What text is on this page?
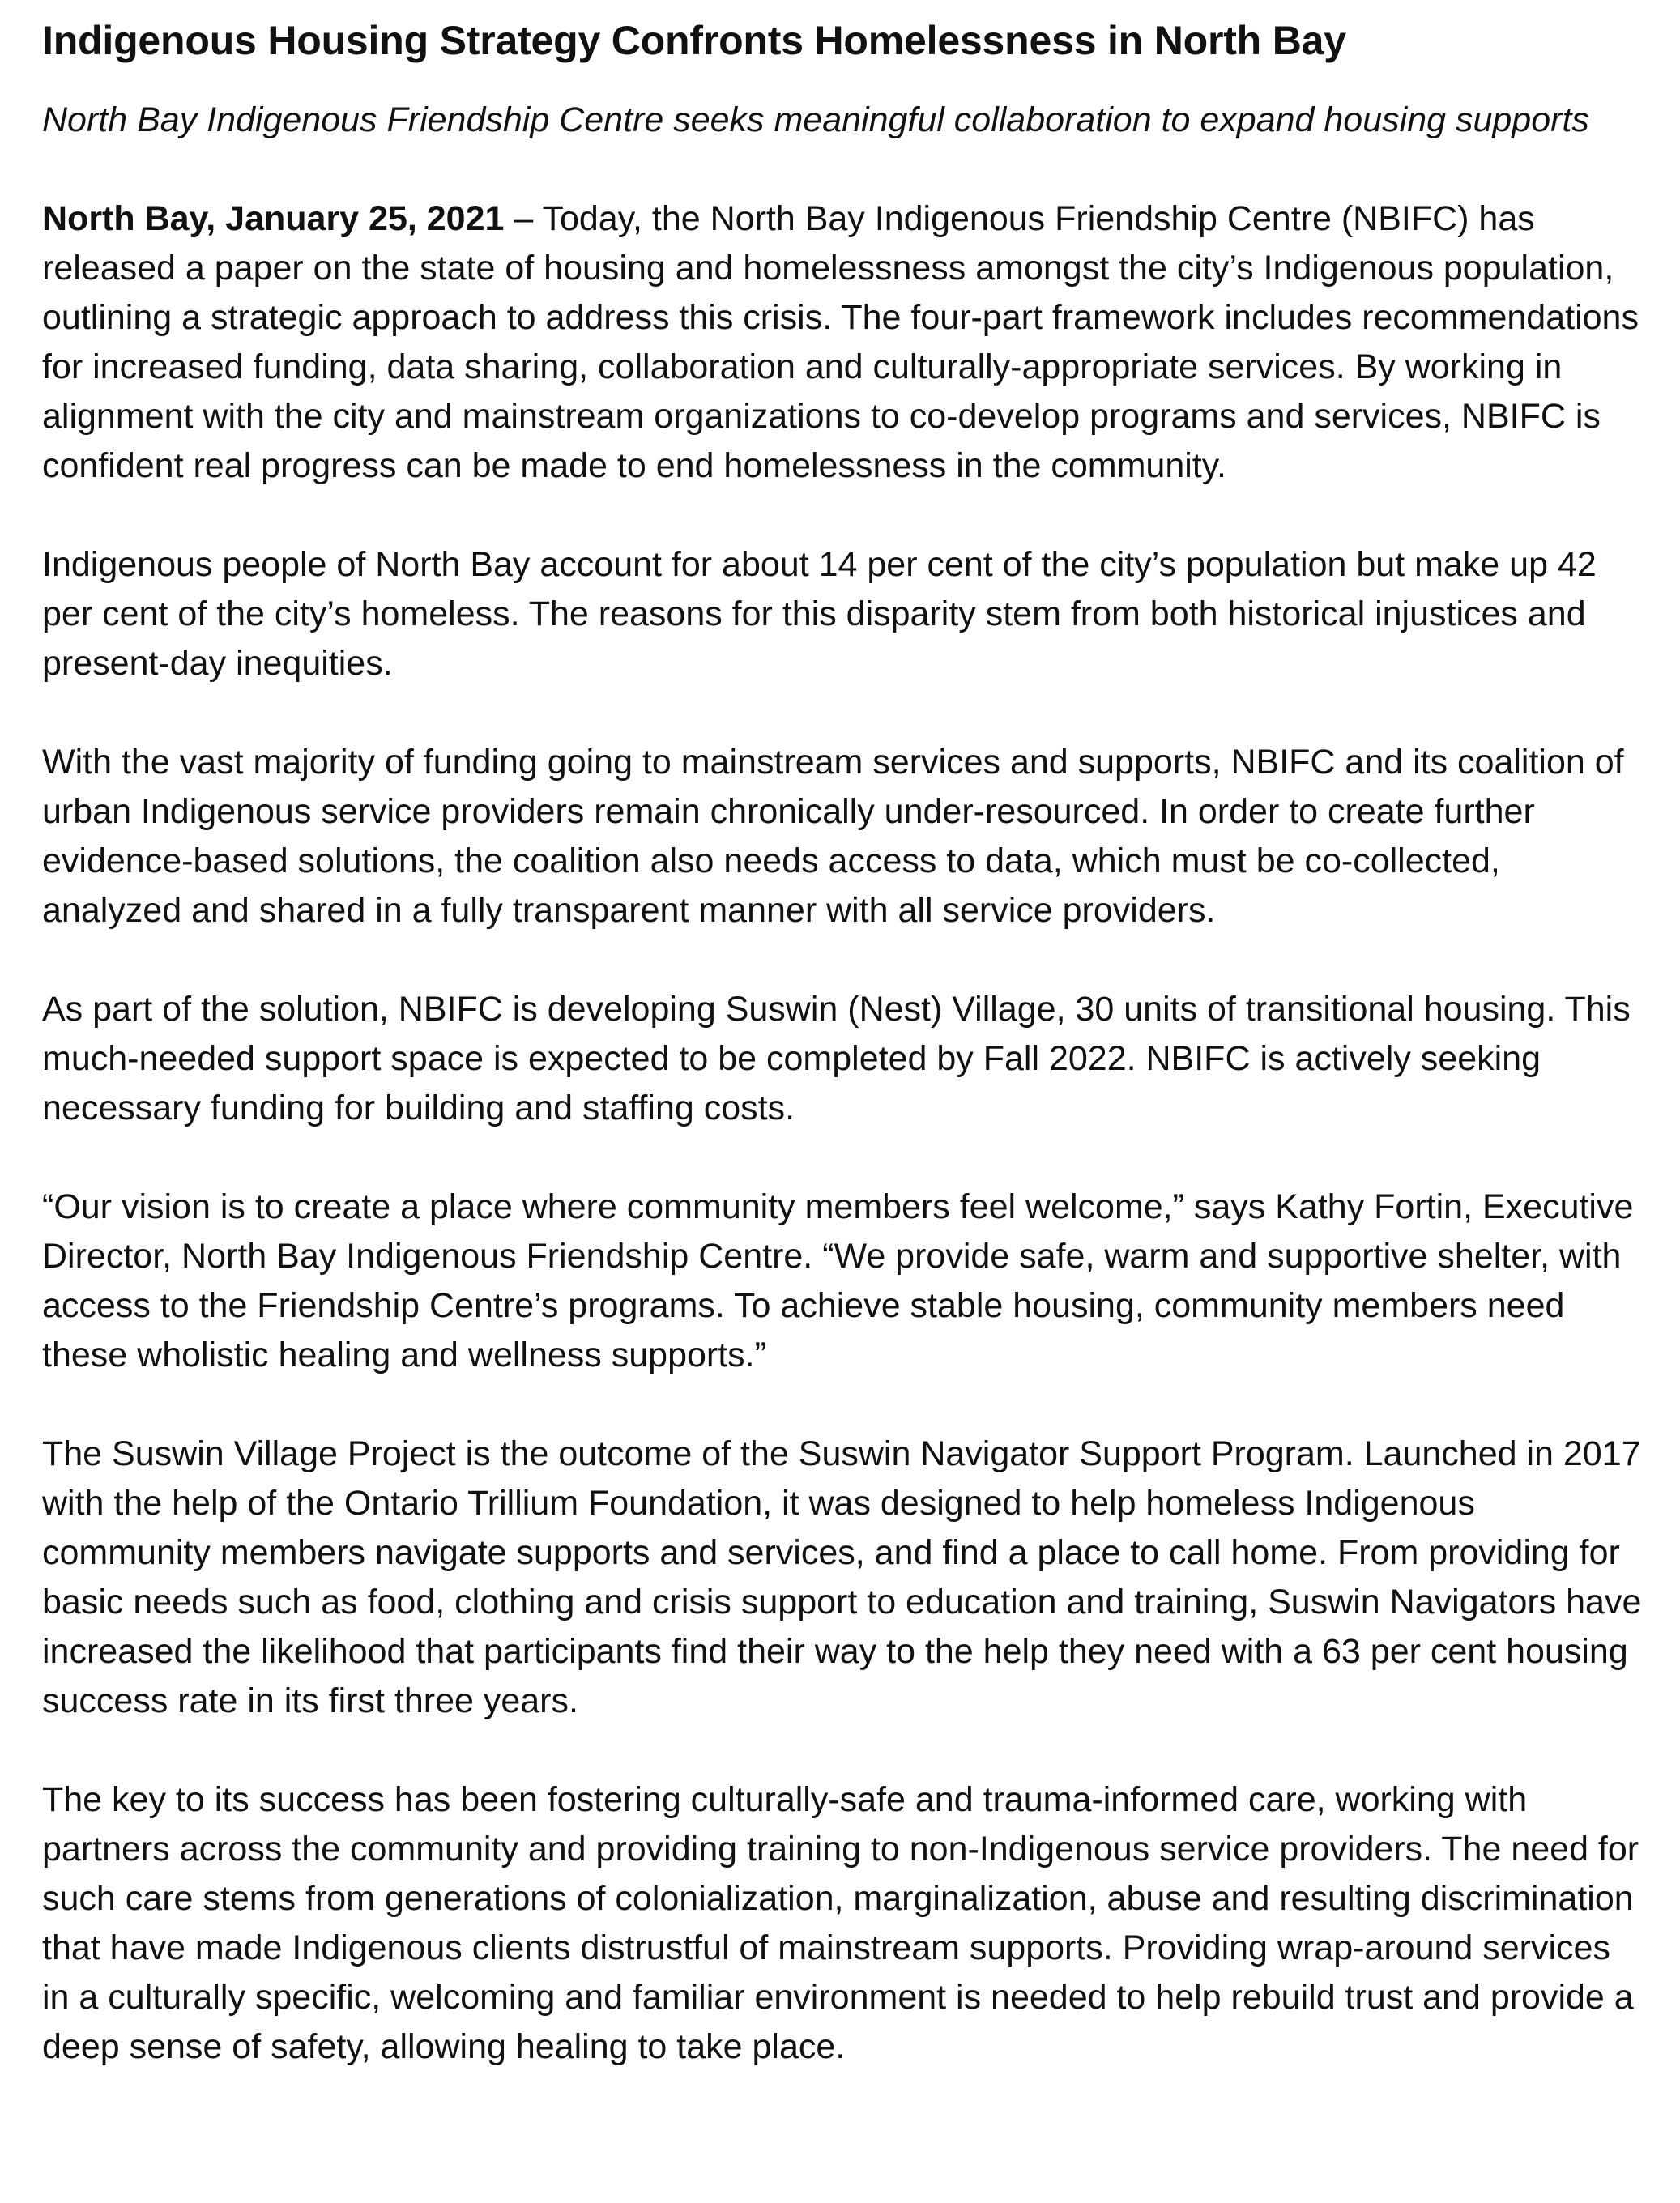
Indigenous Housing Strategy Confronts Homelessness in North Bay

North Bay Indigenous Friendship Centre seeks meaningful collaboration to expand housing supports

North Bay, January 25, 2021 – Today, the North Bay Indigenous Friendship Centre (NBIFC) has released a paper on the state of housing and homelessness amongst the city’s Indigenous population, outlining a strategic approach to address this crisis. The four-part framework includes recommendations for increased funding, data sharing, collaboration and culturally-appropriate services. By working in alignment with the city and mainstream organizations to co-develop programs and services, NBIFC is confident real progress can be made to end homelessness in the community.

Indigenous people of North Bay account for about 14 per cent of the city’s population but make up 42 per cent of the city’s homeless. The reasons for this disparity stem from both historical injustices and present-day inequities.

With the vast majority of funding going to mainstream services and supports, NBIFC and its coalition of urban Indigenous service providers remain chronically under-resourced. In order to create further evidence-based solutions, the coalition also needs access to data, which must be co-collected, analyzed and shared in a fully transparent manner with all service providers.

As part of the solution, NBIFC is developing Suswin (Nest) Village, 30 units of transitional housing. This much-needed support space is expected to be completed by Fall 2022. NBIFC is actively seeking necessary funding for building and staffing costs.

“Our vision is to create a place where community members feel welcome,” says Kathy Fortin, Executive Director, North Bay Indigenous Friendship Centre. “We provide safe, warm and supportive shelter, with access to the Friendship Centre’s programs. To achieve stable housing, community members need these wholistic healing and wellness supports.”

The Suswin Village Project is the outcome of the Suswin Navigator Support Program. Launched in 2017 with the help of the Ontario Trillium Foundation, it was designed to help homeless Indigenous community members navigate supports and services, and find a place to call home. From providing for basic needs such as food, clothing and crisis support to education and training, Suswin Navigators have increased the likelihood that participants find their way to the help they need with a 63 per cent housing success rate in its first three years.

The key to its success has been fostering culturally-safe and trauma-informed care, working with partners across the community and providing training to non-Indigenous service providers. The need for such care stems from generations of colonialization, marginalization, abuse and resulting discrimination that have made Indigenous clients distrustful of mainstream supports. Providing wrap-around services in a culturally specific, welcoming and familiar environment is needed to help rebuild trust and provide a deep sense of safety, allowing healing to take place.
